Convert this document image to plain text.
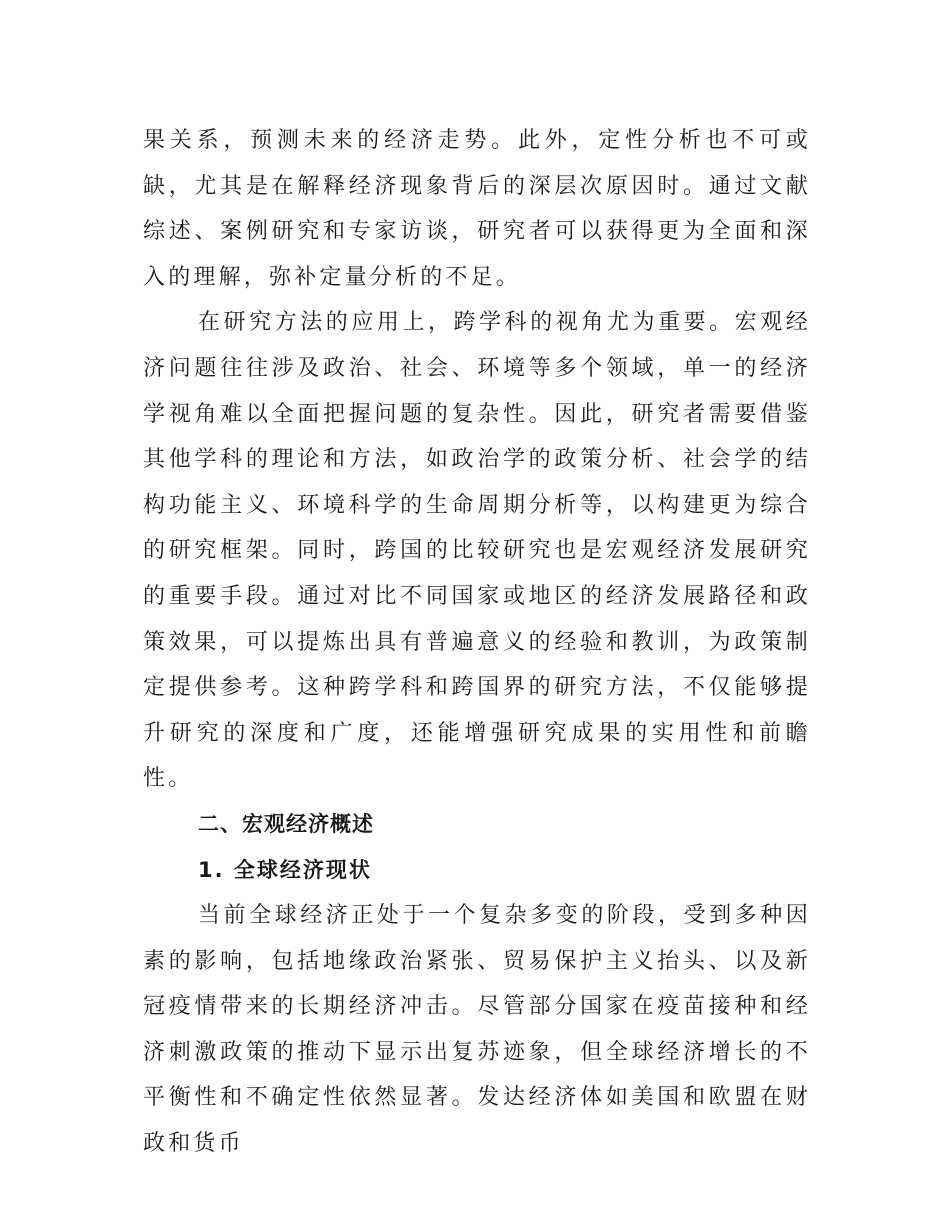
果关系，预测未来的经济走势。此外，定性分析也不可或缺，尤其是在解释经济现象背后的深层次原因时。通过文献综述、案例研究和专家访谈，研究者可以获得更为全面和深入的理解，弥补定量分析的不足。

在研究方法的应用上，跨学科的视角尤为重要。宏观经济问题往往涉及政治、社会、环境等多个领域，单一的经济学视角难以全面把握问题的复杂性。因此，研究者需要借鉴其他学科的理论和方法，如政治学的政策分析、社会学的结构功能主义、环境科学的生命周期分析等，以构建更为综合的研究框架。同时，跨国的比较研究也是宏观经济发展研究的重要手段。通过对比不同国家或地区的经济发展路径和政策效果，可以提炼出具有普遍意义的经验和教训，为政策制定提供参考。这种跨学科和跨国界的研究方法，不仅能够提升研究的深度和广度，还能增强研究成果的实用性和前瞻性。

二、宏观经济概述
1. 全球经济现状

当前全球经济正处于一个复杂多变的阶段，受到多种因素的影响，包括地缘政治紧张、贸易保护主义抬头、以及新冠疫情带来的长期经济冲击。尽管部分国家在疫苗接种和经济刺激政策的推动下显示出复苏迹象，但全球经济增长的不平衡性和不确定性依然显著。发达经济体如美国和欧盟在财政和货币
